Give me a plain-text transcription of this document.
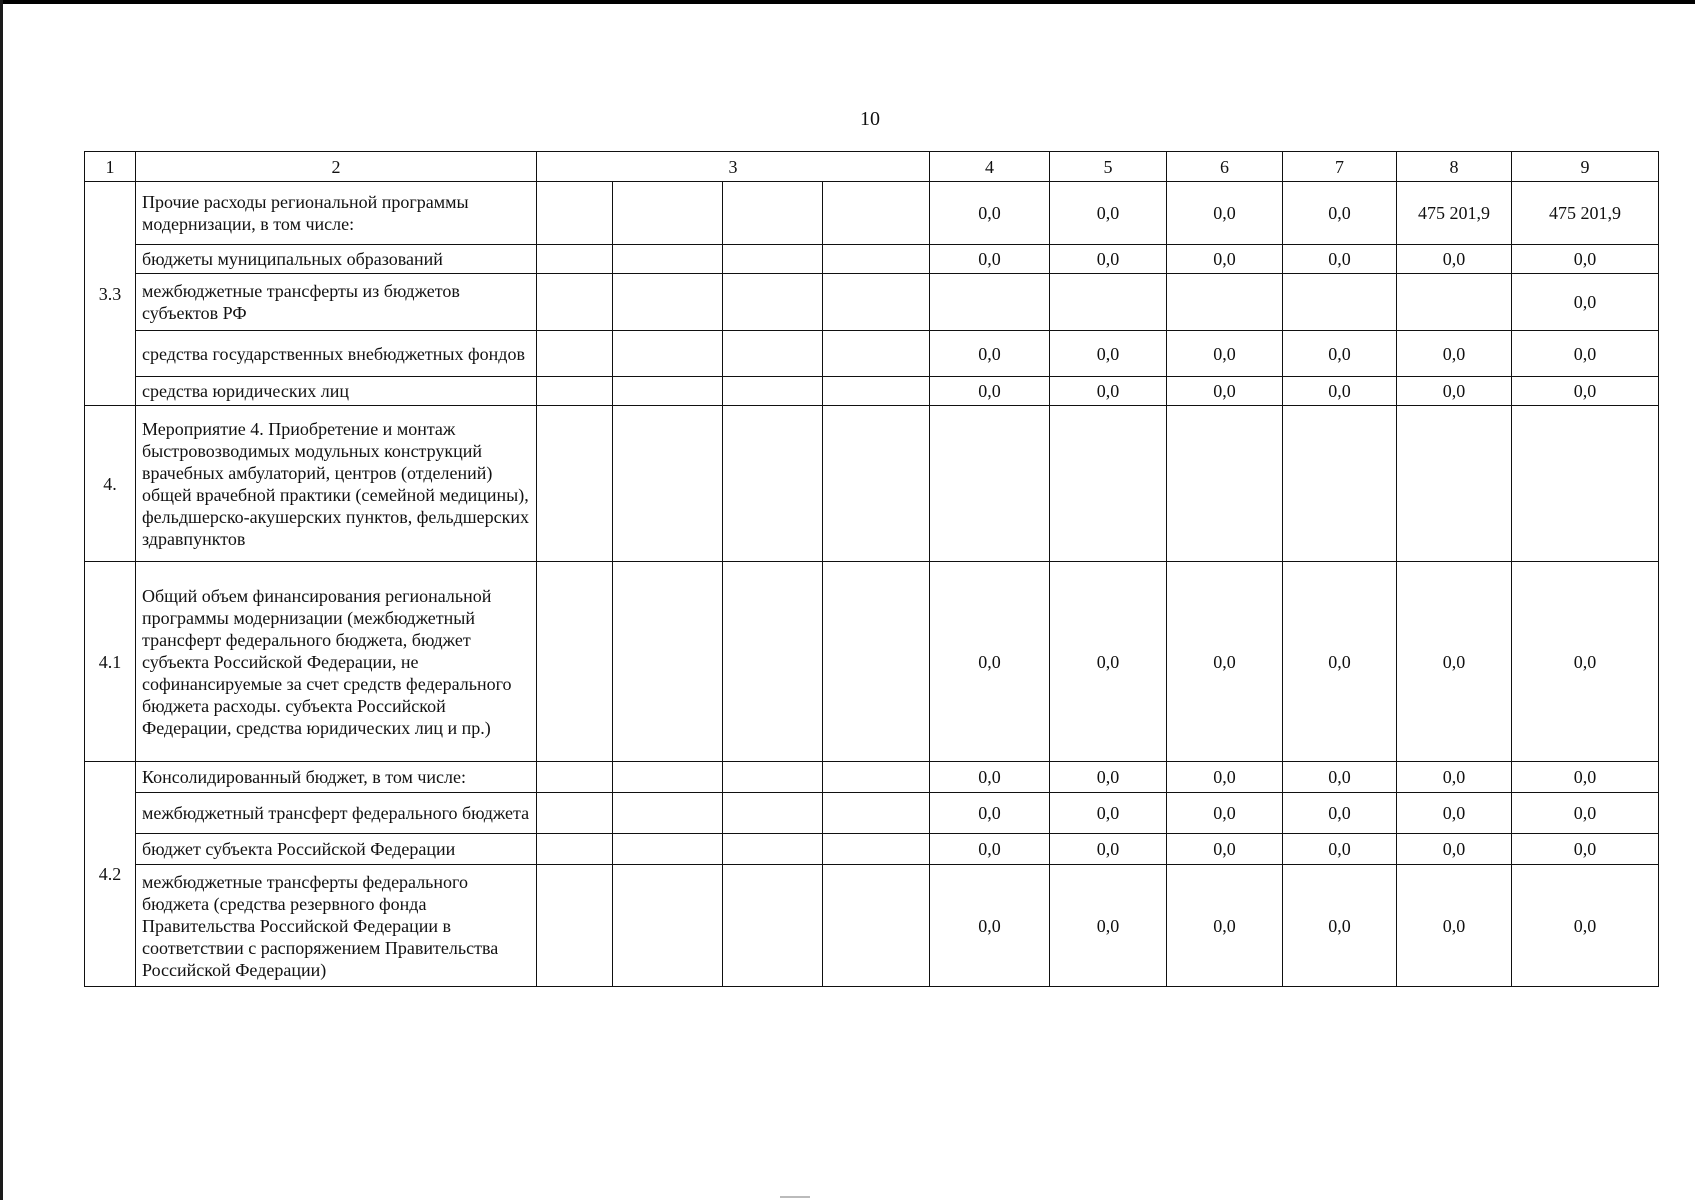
10
1	2	3				4	5	6	7	8	9
3.3	Прочие расходы региональной программы модернизации, в том числе:					0,0	0,0	0,0	0,0	475 201,9	475 201,9
	бюджеты муниципальных образований					0,0	0,0	0,0	0,0	0,0	0,0
	межбюджетные трансферты из бюджетов субъектов РФ										0,0
	средства государственных внебюджетных фондов					0,0	0,0	0,0	0,0	0,0	0,0
	средства юридических лиц					0,0	0,0	0,0	0,0	0,0	0,0
4.	Мероприятие 4. Приобретение и монтаж быстровозводимых модульных конструкций врачебных амбулаторий, центров (отделений) общей врачебной практики (семейной медицины), фельдшерско-акушерских пунктов, фельдшерских здравпунктов										
4.1	Общий объем финансирования региональной программы модернизации (межбюджетный трансферт федерального бюджета, бюджет субъекта Российской Федерации, не софинансируемые за счет средств федерального бюджета расходы. субъекта Российской Федерации, средства юридических лиц и пр.)					0,0	0,0	0,0	0,0	0,0	0,0
4.2	Консолидированный бюджет, в том числе:					0,0	0,0	0,0	0,0	0,0	0,0
	межбюджетный трансферт федерального бюджета					0,0	0,0	0,0	0,0	0,0	0,0
	бюджет субъекта Российской Федерации					0,0	0,0	0,0	0,0	0,0	0,0
	межбюджетные трансферты федерального бюджета (средства резервного фонда Правительства Российской Федерации в соответствии с распоряжением Правительства Российской Федерации)					0,0	0,0	0,0	0,0	0,0	0,0
